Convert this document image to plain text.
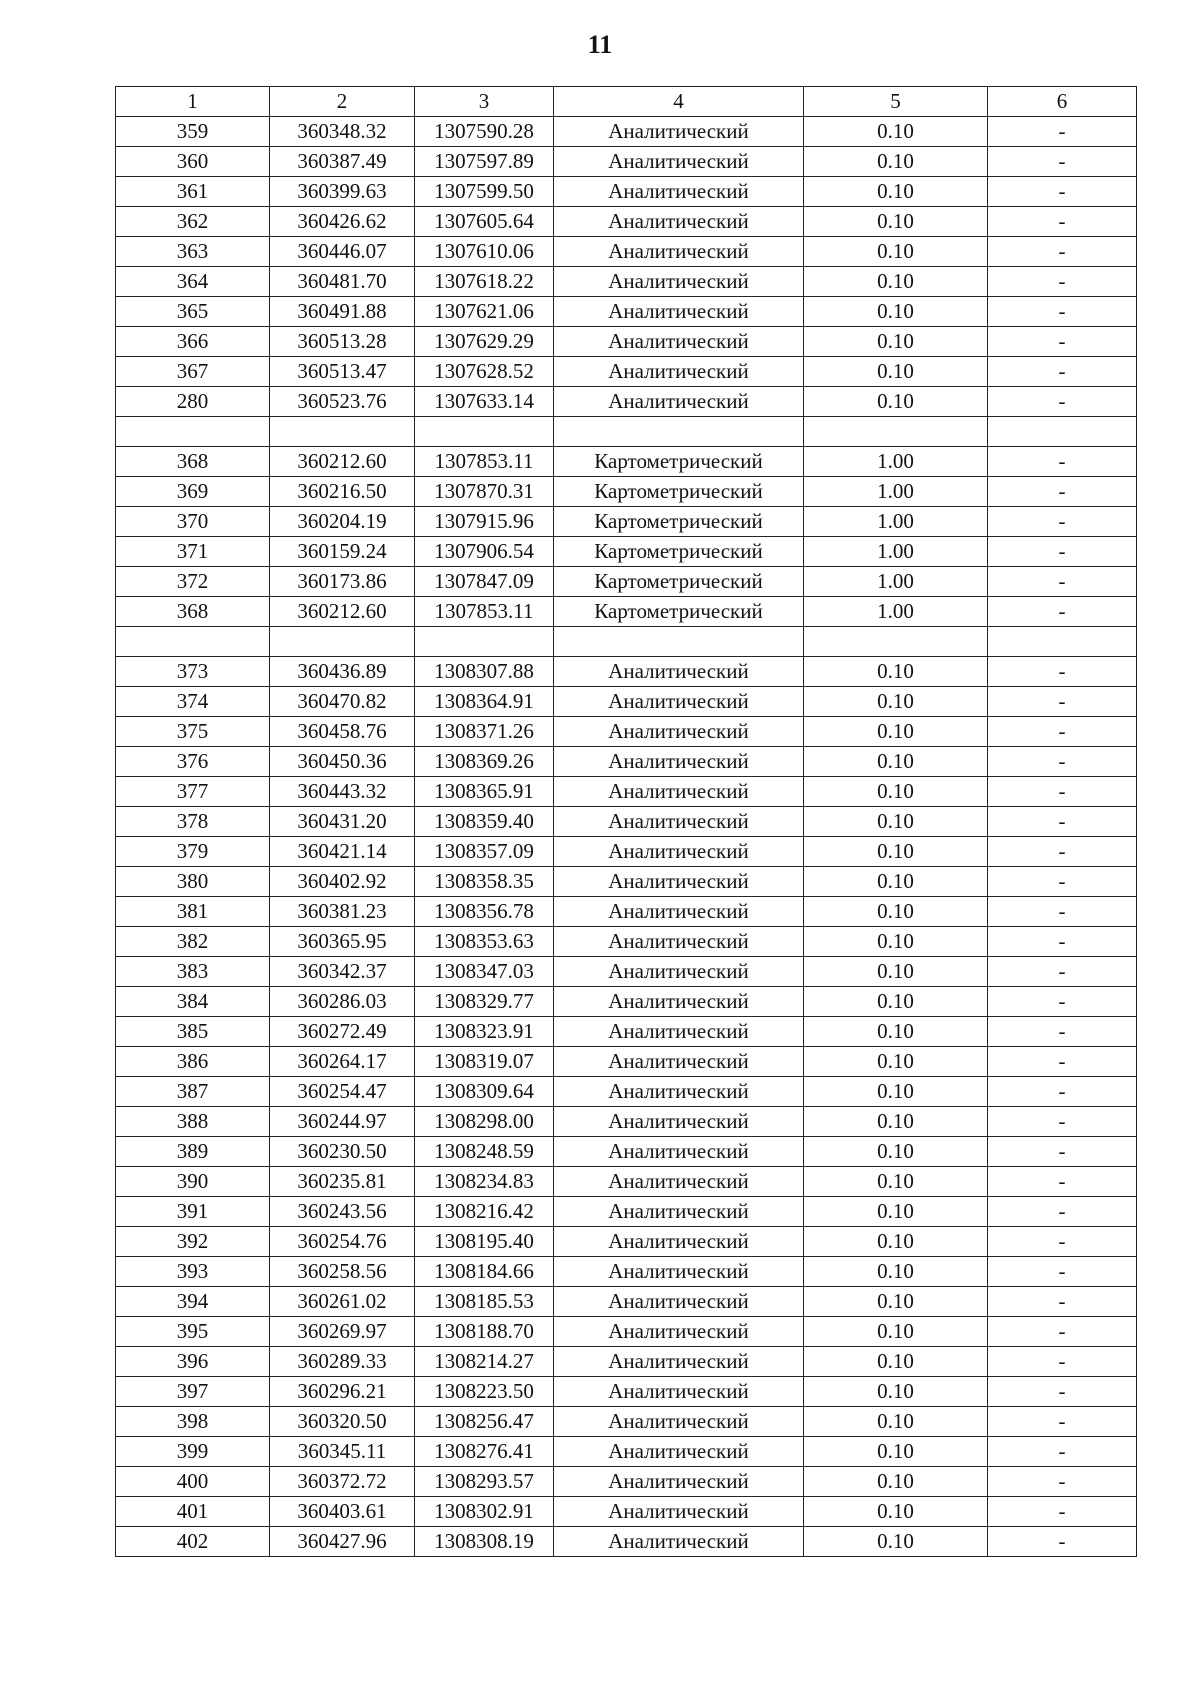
11
1	2	3	4	5	6
359	360348.32	1307590.28	Аналитический	0.10	-
360	360387.49	1307597.89	Аналитический	0.10	-
361	360399.63	1307599.50	Аналитический	0.10	-
362	360426.62	1307605.64	Аналитический	0.10	-
363	360446.07	1307610.06	Аналитический	0.10	-
364	360481.70	1307618.22	Аналитический	0.10	-
365	360491.88	1307621.06	Аналитический	0.10	-
366	360513.28	1307629.29	Аналитический	0.10	-
367	360513.47	1307628.52	Аналитический	0.10	-
280	360523.76	1307633.14	Аналитический	0.10	-

368	360212.60	1307853.11	Картометрический	1.00	-
369	360216.50	1307870.31	Картометрический	1.00	-
370	360204.19	1307915.96	Картометрический	1.00	-
371	360159.24	1307906.54	Картометрический	1.00	-
372	360173.86	1307847.09	Картометрический	1.00	-
368	360212.60	1307853.11	Картометрический	1.00	-

373	360436.89	1308307.88	Аналитический	0.10	-
374	360470.82	1308364.91	Аналитический	0.10	-
375	360458.76	1308371.26	Аналитический	0.10	-
376	360450.36	1308369.26	Аналитический	0.10	-
377	360443.32	1308365.91	Аналитический	0.10	-
378	360431.20	1308359.40	Аналитический	0.10	-
379	360421.14	1308357.09	Аналитический	0.10	-
380	360402.92	1308358.35	Аналитический	0.10	-
381	360381.23	1308356.78	Аналитический	0.10	-
382	360365.95	1308353.63	Аналитический	0.10	-
383	360342.37	1308347.03	Аналитический	0.10	-
384	360286.03	1308329.77	Аналитический	0.10	-
385	360272.49	1308323.91	Аналитический	0.10	-
386	360264.17	1308319.07	Аналитический	0.10	-
387	360254.47	1308309.64	Аналитический	0.10	-
388	360244.97	1308298.00	Аналитический	0.10	-
389	360230.50	1308248.59	Аналитический	0.10	-
390	360235.81	1308234.83	Аналитический	0.10	-
391	360243.56	1308216.42	Аналитический	0.10	-
392	360254.76	1308195.40	Аналитический	0.10	-
393	360258.56	1308184.66	Аналитический	0.10	-
394	360261.02	1308185.53	Аналитический	0.10	-
395	360269.97	1308188.70	Аналитический	0.10	-
396	360289.33	1308214.27	Аналитический	0.10	-
397	360296.21	1308223.50	Аналитический	0.10	-
398	360320.50	1308256.47	Аналитический	0.10	-
399	360345.11	1308276.41	Аналитический	0.10	-
400	360372.72	1308293.57	Аналитический	0.10	-
401	360403.61	1308302.91	Аналитический	0.10	-
402	360427.96	1308308.19	Аналитический	0.10	-
